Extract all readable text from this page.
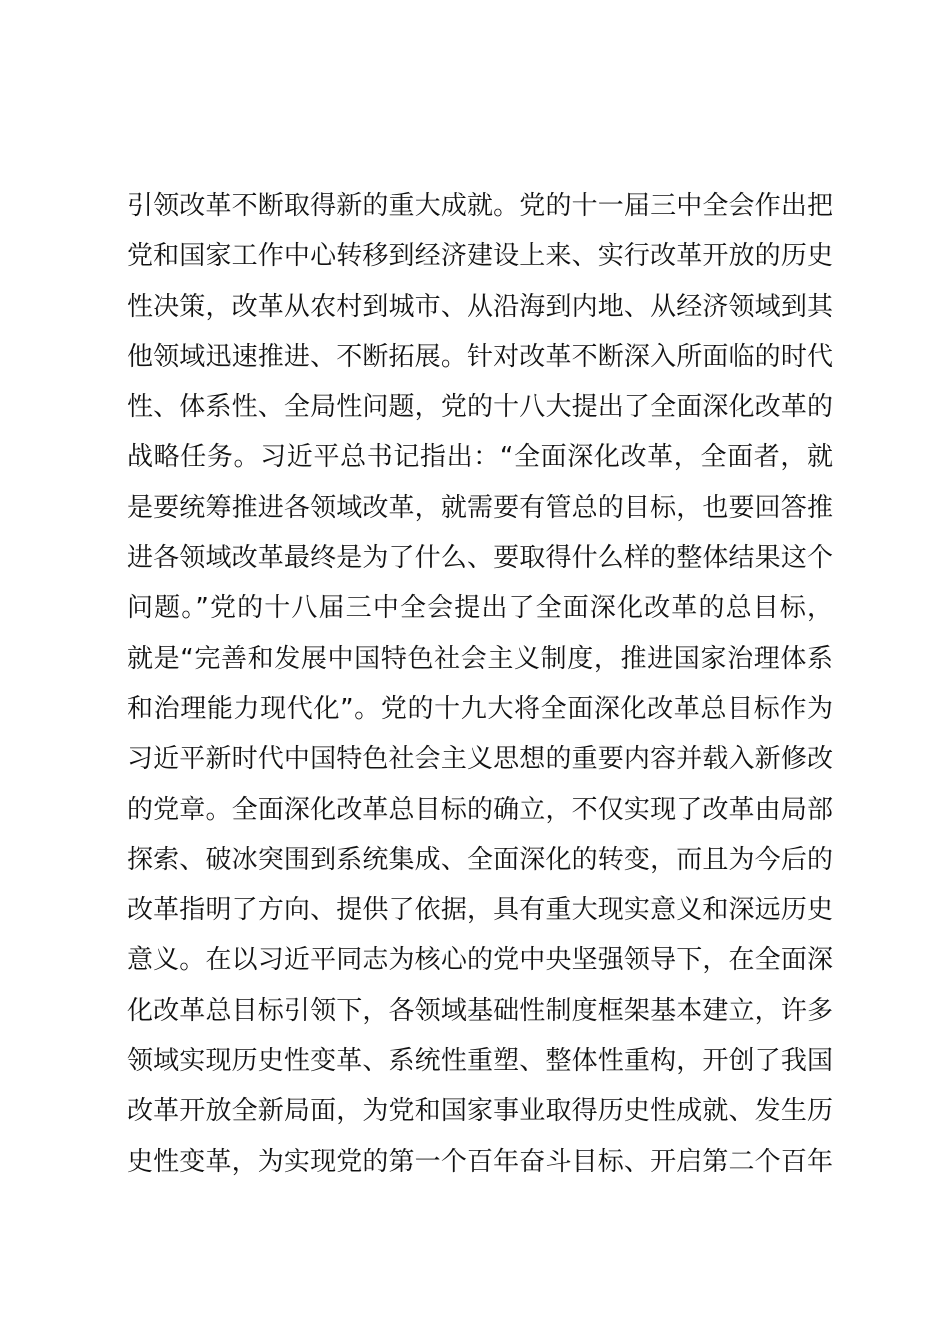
引领改革不断取得新的重大成就。党的十一届三中全会作出把
党和国家工作中心转移到经济建设上来、实行改革开放的历史
性决策，改革从农村到城市、从沿海到内地、从经济领域到其
他领域迅速推进、不断拓展。针对改革不断深入所面临的时代
性、体系性、全局性问题，党的十八大提出了全面深化改革的
战略任务。习近平总书记指出：“全面深化改革，全面者，就
是要统筹推进各领域改革，就需要有管总的目标，也要回答推
进各领域改革最终是为了什么、要取得什么样的整体结果这个
问题。”党的十八届三中全会提出了全面深化改革的总目标，
就是“完善和发展中国特色社会主义制度，推进国家治理体系
和治理能力现代化”。党的十九大将全面深化改革总目标作为
习近平新时代中国特色社会主义思想的重要内容并载入新修改
的党章。全面深化改革总目标的确立，不仅实现了改革由局部
探索、破冰突围到系统集成、全面深化的转变，而且为今后的
改革指明了方向、提供了依据，具有重大现实意义和深远历史
意义。在以习近平同志为核心的党中央坚强领导下，在全面深
化改革总目标引领下，各领域基础性制度框架基本建立，许多
领域实现历史性变革、系统性重塑、整体性重构，开创了我国
改革开放全新局面，为党和国家事业取得历史性成就、发生历
史性变革，为实现党的第一个百年奋斗目标、开启第二个百年
